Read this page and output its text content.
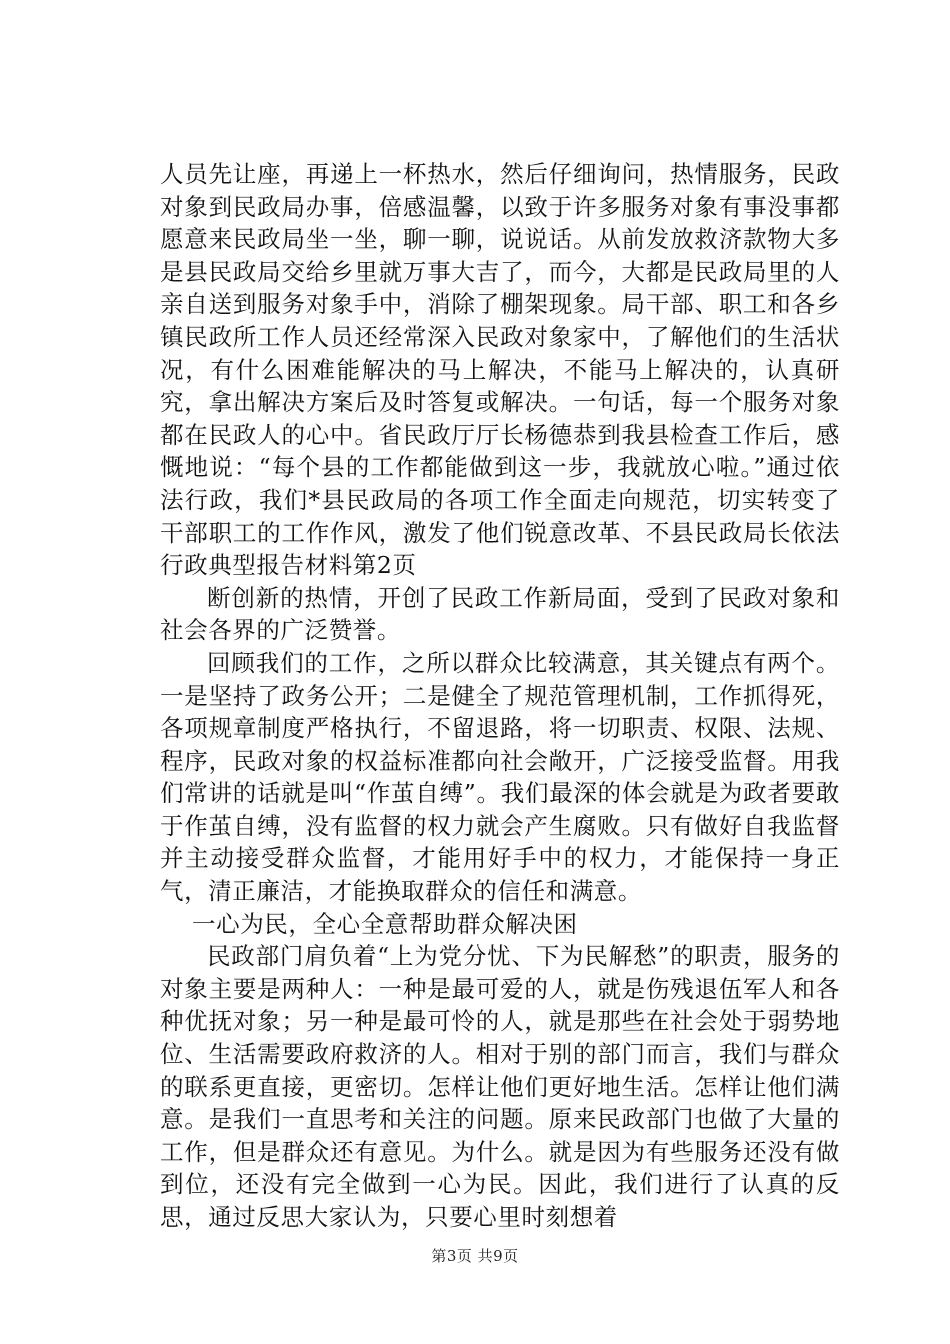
人员先让座，再递上一杯热水，然后仔细询问，热情服务，民政对象到民政局办事，倍感温馨，以致于许多服务对象有事没事都愿意来民政局坐一坐，聊一聊，说说话。从前发放救济款物大多是县民政局交给乡里就万事大吉了，而今，大都是民政局里的人亲自送到服务对象手中，消除了棚架现象。局干部、职工和各乡镇民政所工作人员还经常深入民政对象家中，了解他们的生活状况，有什么困难能解决的马上解决，不能马上解决的，认真研究，拿出解决方案后及时答复或解决。一句话，每一个服务对象都在民政人的心中。省民政厅厅长杨德恭到我县检查工作后，感慨地说：“每个县的工作都能做到这一步，我就放心啦。”通过依法行政，我们*县民政局的各项工作全面走向规范，切实转变了干部职工的工作作风，激发了他们锐意改革、不县民政局长依法行政典型报告材料第2页

断创新的热情，开创了民政工作新局面，受到了民政对象和社会各界的广泛赞誉。

回顾我们的工作，之所以群众比较满意，其关键点有两个。一是坚持了政务公开；二是健全了规范管理机制，工作抓得死，各项规章制度严格执行，不留退路，将一切职责、权限、法规、程序，民政对象的权益标准都向社会敞开，广泛接受监督。用我们常讲的话就是叫“作茧自缚”。我们最深的体会就是为政者要敢于作茧自缚，没有监督的权力就会产生腐败。只有做好自我监督并主动接受群众监督，才能用好手中的权力，才能保持一身正气，清正廉洁，才能换取群众的信任和满意。

一心为民，全心全意帮助群众解决困

民政部门肩负着“上为党分忧、下为民解愁”的职责，服务的对象主要是两种人：一种是最可爱的人，就是伤残退伍军人和各种优抚对象；另一种是最可怜的人，就是那些在社会处于弱势地位、生活需要政府救济的人。相对于别的部门而言，我们与群众的联系更直接，更密切。怎样让他们更好地生活。怎样让他们满意。是我们一直思考和关注的问题。原来民政部门也做了大量的工作，但是群众还有意见。为什么。就是因为有些服务还没有做到位，还没有完全做到一心为民。因此，我们进行了认真的反思，通过反思大家认为，只要心里时刻想着

第3页 共9页
